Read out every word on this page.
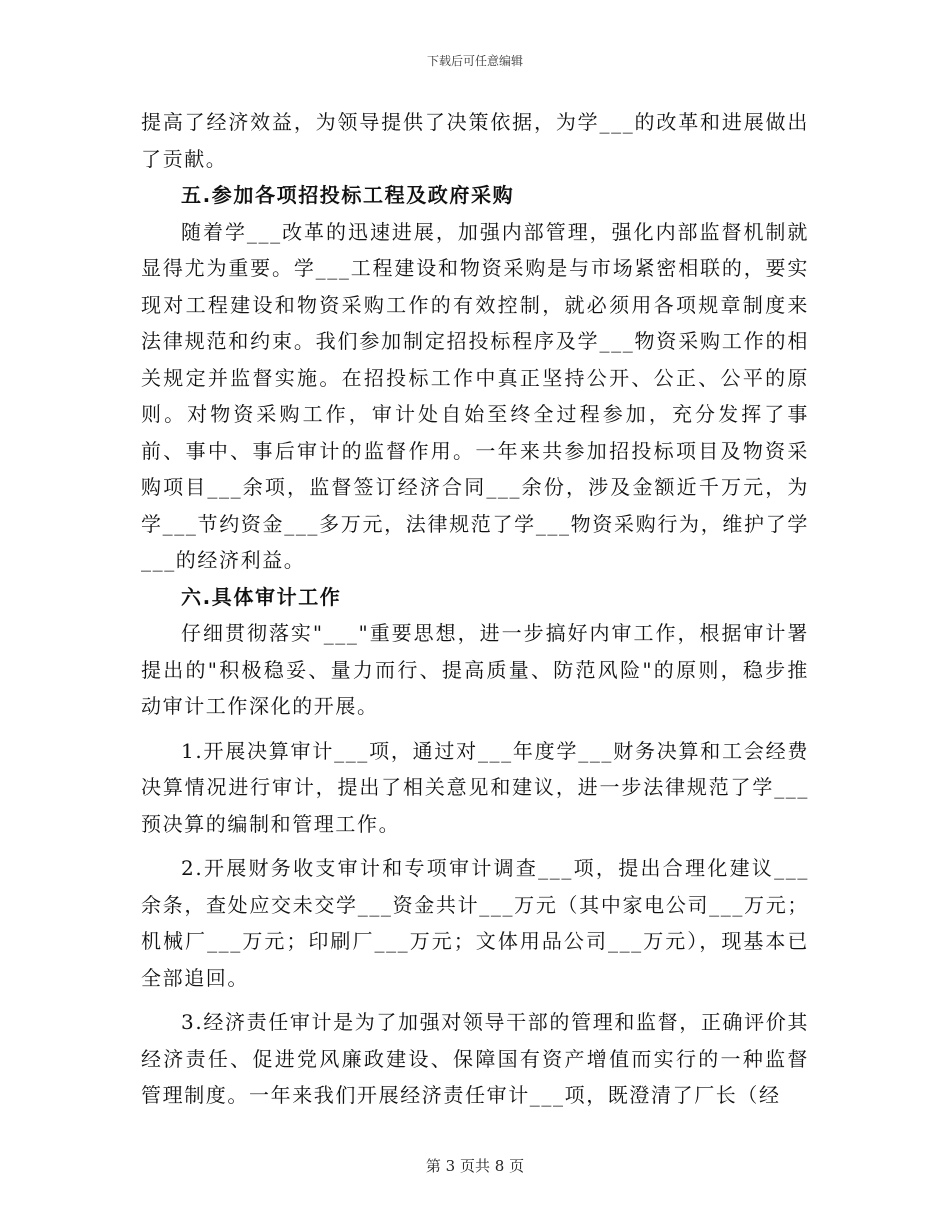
下载后可任意编辑

提高了经济效益，为领导提供了决策依据，为学___的改革和进展做出了贡献。

五.参加各项招投标工程及政府采购

随着学___改革的迅速进展，加强内部管理，强化内部监督机制就显得尤为重要。学___工程建设和物资采购是与市场紧密相联的，要实现对工程建设和物资采购工作的有效控制，就必须用各项规章制度来法律规范和约束。我们参加制定招投标程序及学___物资采购工作的相关规定并监督实施。在招投标工作中真正坚持公开、公正、公平的原则。对物资采购工作，审计处自始至终全过程参加，充分发挥了事前、事中、事后审计的监督作用。一年来共参加招投标项目及物资采购项目___余项，监督签订经济合同___余份，涉及金额近千万元，为学___节约资金___多万元，法律规范了学___物资采购行为，维护了学___的经济利益。

六.具体审计工作

仔细贯彻落实"___"重要思想，进一步搞好内审工作，根据审计署提出的"积极稳妥、量力而行、提高质量、防范风险"的原则，稳步推动审计工作深化的开展。

1.开展决算审计___项，通过对___年度学___财务决算和工会经费决算情况进行审计，提出了相关意见和建议，进一步法律规范了学___预决算的编制和管理工作。

2.开展财务收支审计和专项审计调查___项，提出合理化建议___余条，查处应交未交学___资金共计___万元（其中家电公司___万元；机械厂___万元；印刷厂___万元；文体用品公司___万元），现基本已全部追回。

3.经济责任审计是为了加强对领导干部的管理和监督，正确评价其经济责任、促进党风廉政建设、保障国有资产增值而实行的一种监督管理制度。一年来我们开展经济责任审计___项，既澄清了厂长（经

第 3 页共 8 页
